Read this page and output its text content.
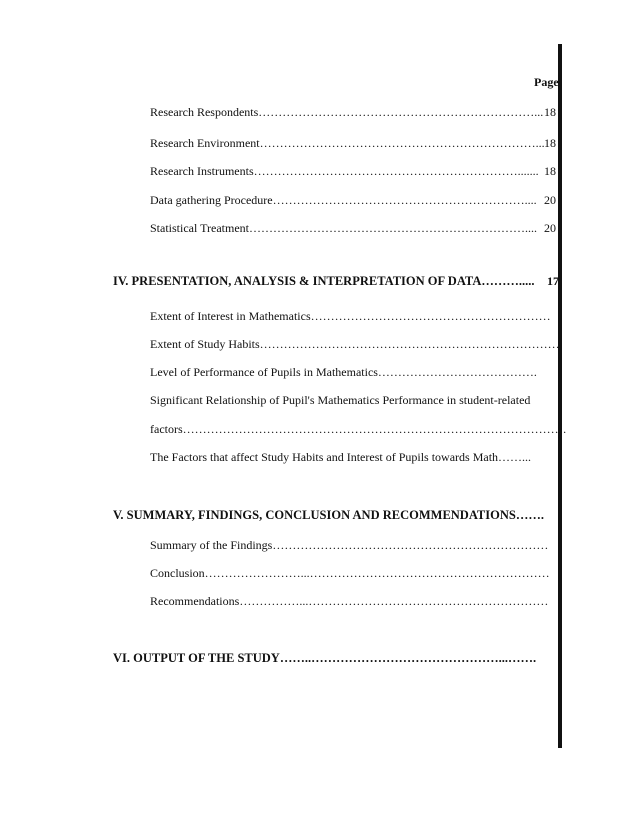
Page
Research Respondents……………………………………………………………... 18
Research Environment……………………………………………………………... 18
Research Instruments…………………………………………………………....... 18
Data gathering Procedure……………………………………………………….... 20
Statistical Treatment…………………………………………………………….... 20
IV. PRESENTATION, ANALYSIS & INTERPRETATION OF DATA………..... 17
Extent of Interest in Mathematics……………………………………………………
Extent of Study Habits…………………………………………………………………
Level of Performance of Pupils in Mathematics………………………………….
Significant Relationship of Pupil's Mathematics Performance in student-related
factors……………………………………………………………………………………
The Factors that affect Study Habits and Interest of Pupils towards Math……...
V. SUMMARY, FINDINGS, CONCLUSION AND RECOMMENDATIONS…….
Summary of the Findings……………………………………………………………
Conclusion……………………...……………………………………………………
Recommendations……………...……………………………………………………
VI. OUTPUT OF THE STUDY……..………………………………………...…….
